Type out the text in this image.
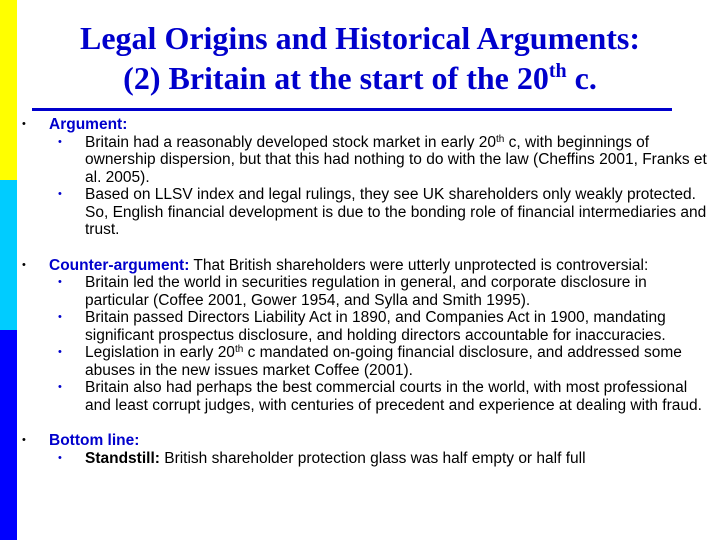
Legal Origins and Historical Arguments:
(2) Britain at the start of the 20th c.
• Argument:
• Britain had a reasonably developed stock market in early 20th c, with beginnings of ownership dispersion, but that this had nothing to do with the law (Cheffins 2001, Franks et al. 2005).
• Based on LLSV index and legal rulings, they see UK shareholders only weakly protected. So, English financial development is due to the bonding role of financial intermediaries and trust.
• Counter-argument: That British shareholders were utterly unprotected is controversial:
• Britain led the world in securities regulation in general, and corporate disclosure in particular (Coffee 2001, Gower 1954, and Sylla and Smith 1995).
• Britain passed Directors Liability Act in 1890, and Companies Act in 1900, mandating significant prospectus disclosure, and holding directors accountable for inaccuracies.
• Legislation in early 20th c mandated on-going financial disclosure, and addressed some abuses in the new issues market Coffee (2001).
• Britain also had perhaps the best commercial courts in the world, with most professional and least corrupt judges, with centuries of precedent and experience at dealing with fraud.
• Bottom line:
• Standstill: British shareholder protection glass was half empty or half full
